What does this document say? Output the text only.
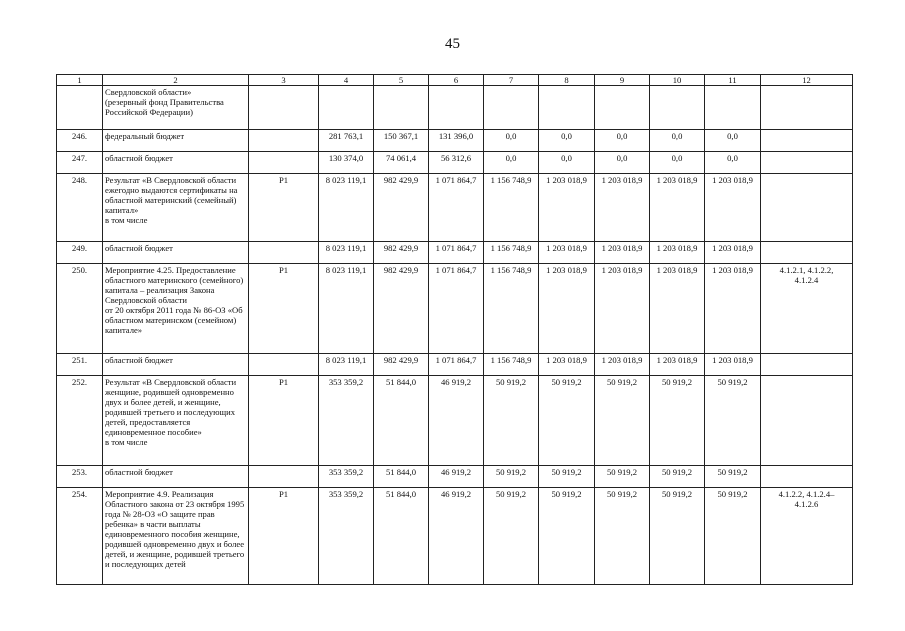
45
1	2	3	4	5	6	7	8	9	10	11	12
	Свердловской области»
(резервный фонд Правительства Российской Федерации)										
246.	федеральный бюджет		281 763,1	150 367,1	131 396,0	0,0	0,0	0,0	0,0	0,0	
247.	областной бюджет		130 374,0	74 061,4	56 312,6	0,0	0,0	0,0	0,0	0,0	
248.	Результат «В Свердловской области ежегодно выдаются сертификаты на областной материнский (семейный) капитал»
в том числе	Р1	8 023 119,1	982 429,9	1 071 864,7	1 156 748,9	1 203 018,9	1 203 018,9	1 203 018,9	1 203 018,9	
249.	областной бюджет		8 023 119,1	982 429,9	1 071 864,7	1 156 748,9	1 203 018,9	1 203 018,9	1 203 018,9	1 203 018,9	
250.	Мероприятие 4.25. Предоставление областного материнского (семейного) капитала – реализация Закона Свердловской области
от 20 октября 2011 года № 86-ОЗ «Об областном материнском (семейном) капитале»	Р1	8 023 119,1	982 429,9	1 071 864,7	1 156 748,9	1 203 018,9	1 203 018,9	1 203 018,9	1 203 018,9	4.1.2.1, 4.1.2.2,
4.1.2.4
251.	областной бюджет		8 023 119,1	982 429,9	1 071 864,7	1 156 748,9	1 203 018,9	1 203 018,9	1 203 018,9	1 203 018,9	
252.	Результат «В Свердловской области женщине, родившей одновременно двух и более детей, и женщине, родившей третьего и последующих детей, предоставляется единовременное пособие»
в том числе	Р1	353 359,2	51 844,0	46 919,2	50 919,2	50 919,2	50 919,2	50 919,2	50 919,2	
253.	областной бюджет		353 359,2	51 844,0	46 919,2	50 919,2	50 919,2	50 919,2	50 919,2	50 919,2	
254.	Мероприятие 4.9. Реализация Областного закона от 23 октября 1995 года № 28-ОЗ «О защите прав ребенка» в части выплаты единовременного пособия женщине, родившей одновременно двух и более детей, и женщине, родившей третьего и последующих детей	Р1	353 359,2	51 844,0	46 919,2	50 919,2	50 919,2	50 919,2	50 919,2	50 919,2	4.1.2.2, 4.1.2.4–
4.1.2.6
